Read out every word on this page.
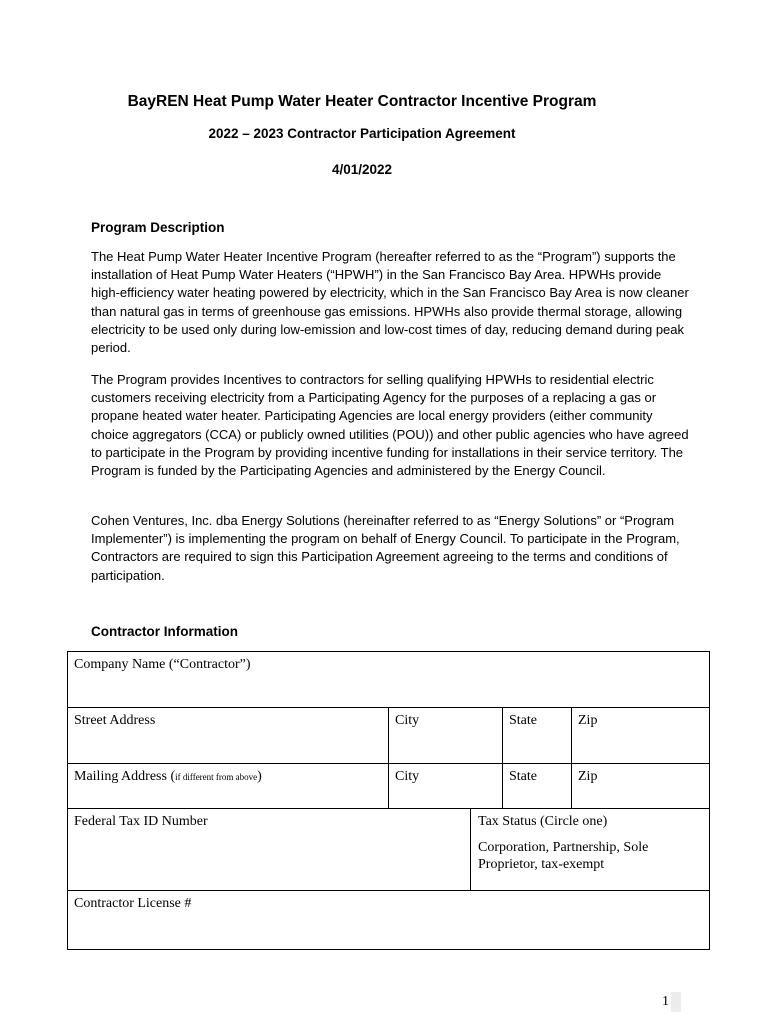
BayREN Heat Pump Water Heater Contractor Incentive Program
2022 – 2023 Contractor Participation Agreement
4/01/2022
Program Description

The Heat Pump Water Heater Incentive Program (hereafter referred to as the “Program”) supports the installation of Heat Pump Water Heaters (“HPWH”) in the San Francisco Bay Area. HPWHs provide high-efficiency water heating powered by electricity, which in the San Francisco Bay Area is now cleaner than natural gas in terms of greenhouse gas emissions. HPWHs also provide thermal storage, allowing electricity to be used only during low-emission and low-cost times of day, reducing demand during peak period.

The Program provides Incentives to contractors for selling qualifying HPWHs to residential electric customers receiving electricity from a Participating Agency for the purposes of a replacing a gas or propane heated water heater. Participating Agencies are local energy providers (either community choice aggregators (CCA) or publicly owned utilities (POU)) and other public agencies who have agreed to participate in the Program by providing incentive funding for installations in their service territory. The Program is funded by the Participating Agencies and administered by the Energy Council.

Cohen Ventures, Inc. dba Energy Solutions (hereinafter referred to as “Energy Solutions” or “Program Implementer”) is implementing the program on behalf of Energy Council. To participate in the Program, Contractors are required to sign this Participation Agreement agreeing to the terms and conditions of participation.

Contractor Information
Company Name (“Contractor”)
Street Address	City	State	Zip
Mailing Address (if different from above)	City	State	Zip
Federal Tax ID Number	Tax Status (Circle one)
Corporation, Partnership, Sole Proprietor, tax-exempt
Contractor License #
1
